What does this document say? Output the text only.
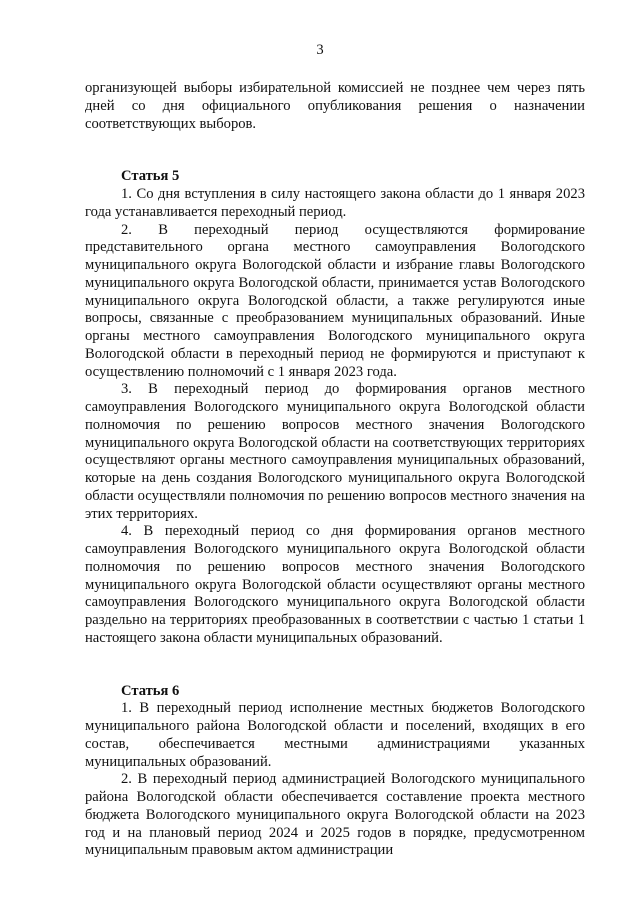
3

организующей выборы избирательной комиссией не позднее чем через пять дней со дня официального опубликования решения о назначении соответствующих выборов.

Статья 5

1. Со дня вступления в силу настоящего закона области до 1 января 2023 года устанавливается переходный период.

2. В переходный период осуществляются формирование представительного органа местного самоуправления Вологодского муниципального округа Вологодской области и избрание главы Вологодского муниципального округа Вологодской области, принимается устав Вологодского муниципального округа Вологодской области, а также регулируются иные вопросы, связанные с преобразованием муниципальных образований. Иные органы местного самоуправления Вологодского муниципального округа Вологодской области в переходный период не формируются и приступают к осуществлению полномочий с 1 января 2023 года.

3. В переходный период до формирования органов местного самоуправления Вологодского муниципального округа Вологодской области полномочия по решению вопросов местного значения Вологодского муниципального округа Вологодской области на соответствующих территориях осуществляют органы местного самоуправления муниципальных образований, которые на день создания Вологодского муниципального округа Вологодской области осуществляли полномочия по решению вопросов местного значения на этих территориях.

4. В переходный период со дня формирования органов местного самоуправления Вологодского муниципального округа Вологодской области полномочия по решению вопросов местного значения Вологодского муниципального округа Вологодской области осуществляют органы местного самоуправления Вологодского муниципального округа Вологодской области раздельно на территориях преобразованных в соответствии с частью 1 статьи 1 настоящего закона области муниципальных образований.

Статья 6

1. В переходный период исполнение местных бюджетов Вологодского муниципального района Вологодской области и поселений, входящих в его состав, обеспечивается местными администрациями указанных муниципальных образований.

2. В переходный период администрацией Вологодского муниципального района Вологодской области обеспечивается составление проекта местного бюджета Вологодского муниципального округа Вологодской области на 2023 год и на плановый период 2024 и 2025 годов в порядке, предусмотренном муниципальным правовым актом администрации
